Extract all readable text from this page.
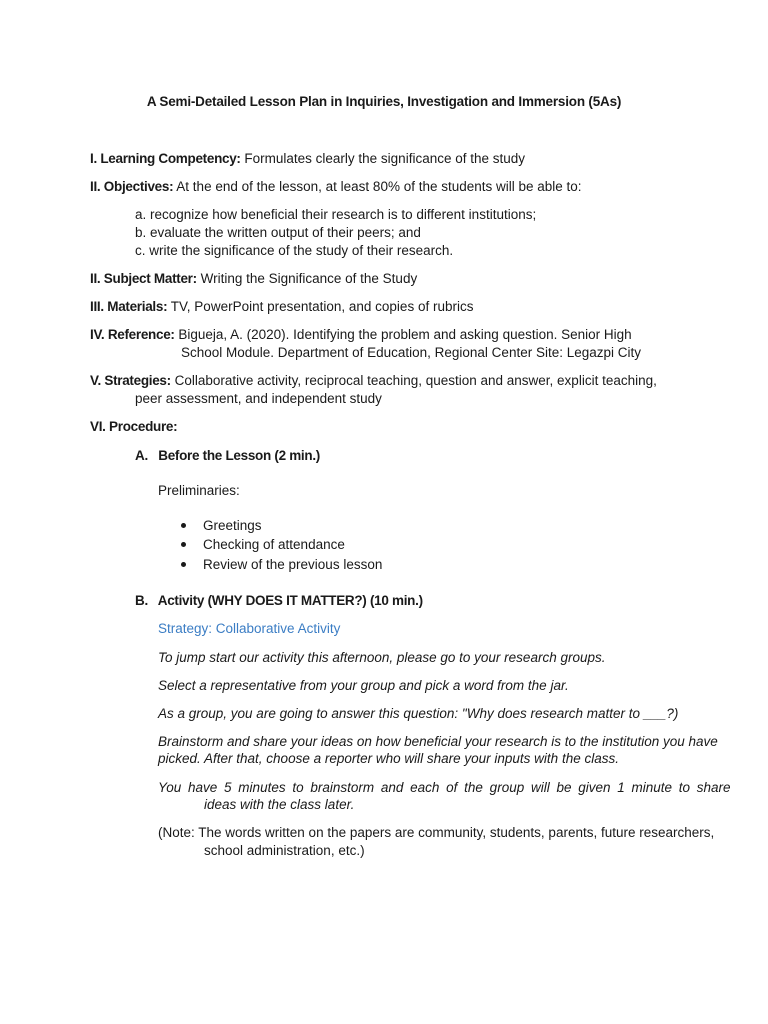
A Semi-Detailed Lesson Plan in Inquiries, Investigation and Immersion (5As)
I. Learning Competency: Formulates clearly the significance of the study
II. Objectives: At the end of the lesson, at least 80% of the students will be able to:
a. recognize how beneficial their research is to different institutions;
b. evaluate the written output of their peers; and
c. write the significance of the study of their research.
II. Subject Matter: Writing the Significance of the Study
III. Materials: TV, PowerPoint presentation, and copies of rubrics
IV. Reference: Bigueja, A. (2020). Identifying the problem and asking question. Senior High
School Module. Department of Education, Regional Center Site: Legazpi City
V. Strategies: Collaborative activity, reciprocal teaching, question and answer, explicit teaching,
peer assessment, and independent study
VI. Procedure:
A.   Before the Lesson (2 min.)
Preliminaries:
Greetings
Checking of attendance
Review of the previous lesson
B.   Activity (WHY DOES IT MATTER?) (10 min.)
Strategy: Collaborative Activity
To jump start our activity this afternoon, please go to your research groups.
Select a representative from your group and pick a word from the jar.
As a group, you are going to answer this question: "Why does research matter to ___?)
Brainstorm and share your ideas on how beneficial your research is to the institution you have
picked. After that, choose a reporter who will share your inputs with the class.
You have 5 minutes to brainstorm and each of the group will be given 1 minute to share
ideas with the class later.
(Note: The words written on the papers are community, students, parents, future researchers,
school administration, etc.)
